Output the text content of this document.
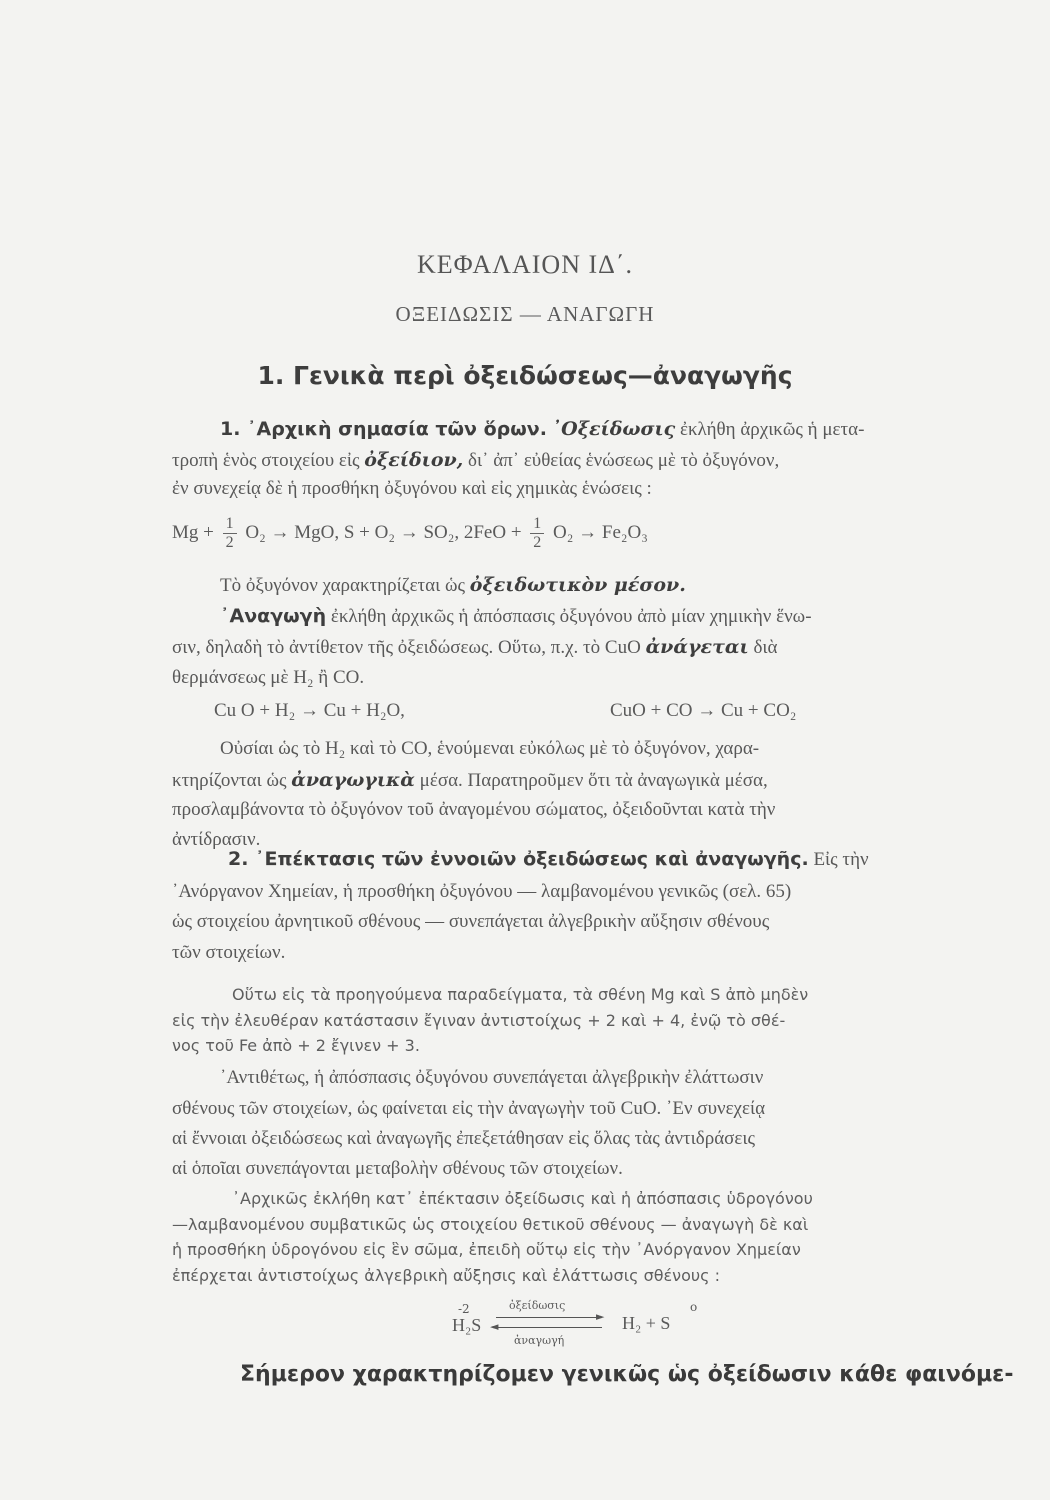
ΚΕΦΑΛΑΙΟΝ ΙΔ΄.
ΟΞΕΙΔΩΣΙΣ — ΑΝΑΓΩΓΗ
1. Γενικὰ περὶ ὀξειδώσεως—ἀναγωγῆς
1. ᾿Αρχικὴ σημασία τῶν ὅρων. ᾿Οξείδωσις ἐκλήθη ἀρχικῶς ἡ μετα-
τροπὴ ἑνὸς στοιχείου εἰς ὀξείδιον, δι᾿ ἀπ᾿ εὐθείας ἑνώσεως μὲ τὸ ὀξυγόνον,
ἐν συνεχείᾳ δὲ ἡ προσθήκη ὀξυγόνου καὶ εἰς χημικὰς ἑνώσεις :
$Mg + \frac{1}{2} O_2$ → MgO, S + O₂ → SO₂, $2FeO + \frac{1}{2} O_2 \to Fe_2O_3$
Τὸ ὀξυγόνον χαρακτηρίζεται ὡς ὀξειδωτικὸν μέσον.
᾿Αναγωγὴ ἐκλήθη ἀρχικῶς ἡ ἀπόσπασις ὀξυγόνου ἀπὸ μίαν χημικὴν ἕνω-
σιν, δηλαδὴ τὸ ἀντίθετον τῆς ὀξειδώσεως. Οὕτω, π.χ. τὸ CuO ἀνάγεται διὰ
θερμάνσεως μὲ H₂ ἢ CO.
Cu O + H₂ → Cu + H₂O,	CuO + CO → Cu + CO₂
Οὐσίαι ὡς τὸ H₂ καὶ τὸ CO, ἑνούμεναι εὐκόλως μὲ τὸ ὀξυγόνον, χαρα-
κτηρίζονται ὡς ἀναγωγικὰ μέσα. Παρατηροῦμεν ὅτι τὰ ἀναγωγικὰ μέσα,
προσλαμβάνοντα τὸ ὀξυγόνον τοῦ ἀναγομένου σώματος, ὀξειδοῦνται κατὰ τὴν
ἀντίδρασιν.
2. ᾿Επέκτασις τῶν ἐννοιῶν ὀξειδώσεως καὶ ἀναγωγῆς. Εἰς τὴν
᾿Ανόργανον Χημείαν, ἡ προσθήκη ὀξυγόνου — λαμβανομένου γενικῶς (σελ. 65)
ὡς στοιχείου ἀρνητικοῦ σθένους — συνεπάγεται ἀλγεβρικὴν αὔξησιν σθένους
τῶν στοιχείων.
Οὕτω εἰς τὰ προηγούμενα παραδείγματα, τὰ σθένη Mg καὶ S ἀπὸ μηδὲν
εἰς τὴν ἐλευθέραν κατάστασιν ἔγιναν ἀντιστοίχως + 2 καὶ + 4, ἐνῷ τὸ σθέ-
νος τοῦ Fe ἀπὸ + 2 ἔγινεν + 3.
᾿Αντιθέτως, ἡ ἀπόσπασις ὀξυγόνου συνεπάγεται ἀλγεβρικὴν ἐλάττωσιν
σθένους τῶν στοιχείων, ὡς φαίνεται εἰς τὴν ἀναγωγὴν τοῦ CuO. ᾿Εν συνεχείᾳ
αἱ ἔννοιαι ὀξειδώσεως καὶ ἀναγωγῆς ἐπεξετάθησαν εἰς ὅλας τὰς ἀντιδράσεις
αἱ ὁποῖαι συνεπάγονται μεταβολὴν σθένους τῶν στοιχείων.
᾿Αρχικῶς ἐκλήθη κατ᾿ ἐπέκτασιν ὀξείδωσις καὶ ἡ ἀπόσπασις ὑδρογόνου
—λαμβανομένου συμβατικῶς ὡς στοιχείου θετικοῦ σθένους — ἀναγωγὴ δὲ καὶ
ἡ προσθήκη ὑδρογόνου εἰς ἓν σῶμα, ἐπειδὴ οὕτῳ εἰς τὴν ᾿Ανόργανον Χημείαν
ἐπέρχεται ἀντιστοίχως ἀλγεβρικὴ αὔξησις καὶ ἐλάττωσις σθένους :
-2
H₂S
ὀξείδωσις
►
◄
ἀναγωγή
o
H₂ + S
Σήμερον χαρακτηρίζομεν γενικῶς ὡς ὀξείδωσιν κάθε φαινόμε-
